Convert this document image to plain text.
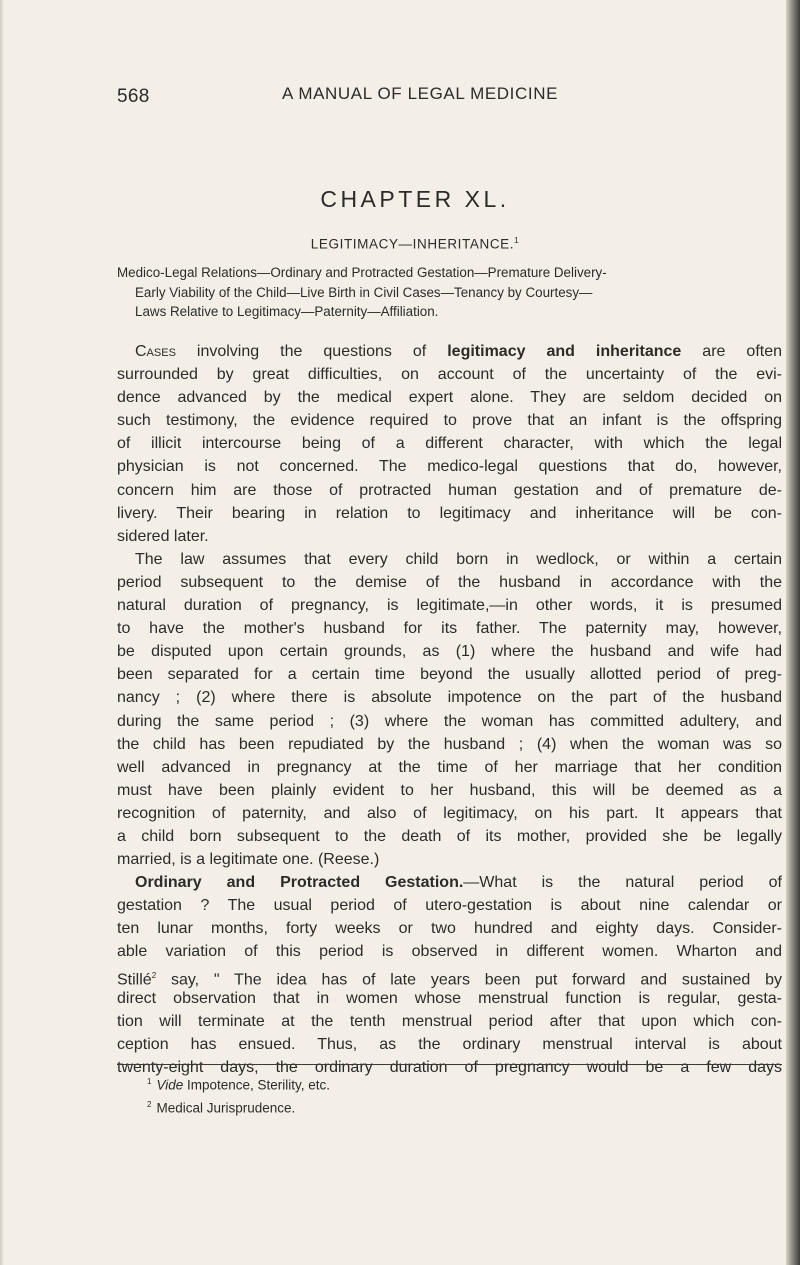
568	A MANUAL OF LEGAL MEDICINE
CHAPTER XL.
LEGITIMACY—INHERITANCE.$^1$
Medico-Legal Relations—Ordinary and Protracted Gestation—Premature Delivery-
Early Viability of the Child—Live Birth in Civil Cases—Tenancy by Courtesy—
Laws Relative to Legitimacy—Paternity—Affiliation.
Cases involving the questions of legitimacy and inheritance are often
surrounded by great difficulties, on account of the uncertainty of the evi-
dence advanced by the medical expert alone. They are seldom decided on
such testimony, the evidence required to prove that an infant is the offspring
of illicit intercourse being of a different character, with which the legal
physician is not concerned. The medico-legal questions that do, however,
concern him are those of protracted human gestation and of premature de-
livery. Their bearing in relation to legitimacy and inheritance will be con-
sidered later.
The law assumes that every child born in wedlock, or within a certain
period subsequent to the demise of the husband in accordance with the
natural duration of pregnancy, is legitimate,—in other words, it is presumed
to have the mother's husband for its father. The paternity may, however,
be disputed upon certain grounds, as (1) where the husband and wife had
been separated for a certain time beyond the usually allotted period of preg-
nancy ; (2) where there is absolute impotence on the part of the husband
during the same period ; (3) where the woman has committed adultery, and
the child has been repudiated by the husband ; (4) when the woman was so
well advanced in pregnancy at the time of her marriage that her condition
must have been plainly evident to her husband, this will be deemed as a
recognition of paternity, and also of legitimacy, on his part. It appears that
a child born subsequent to the death of its mother, provided she be legally
married, is a legitimate one. (Reese.)
Ordinary and Protracted Gestation.—What is the natural period of
gestation ? The usual period of utero-gestation is about nine calendar or
ten lunar months, forty weeks or two hundred and eighty days. Consider-
able variation of this period is observed in different women. Wharton and
Stillé$^2$ say, " The idea has of late years been put forward and sustained by
direct observation that in women whose menstrual function is regular, gesta-
tion will terminate at the tenth menstrual period after that upon which con-
ception has ensued. Thus, as the ordinary menstrual interval is about
twenty-eight days, the ordinary duration of pregnancy would be a few days
$^1$ Vide Impotence, Sterility, etc.
$^2$ Medical Jurisprudence.
